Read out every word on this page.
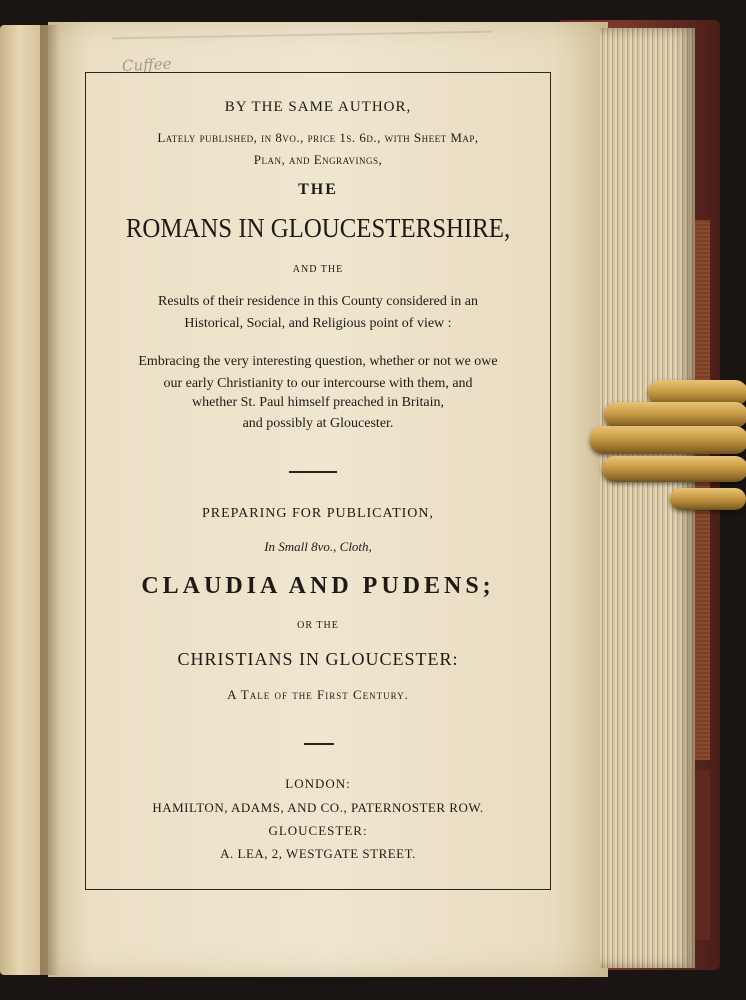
Cuffee
BY THE SAME AUTHOR,
Lately published, in 8vo., price 1s. 6d., with Sheet Map,
Plan, and Engravings,
THE
ROMANS IN GLOUCESTERSHIRE,
AND THE
Results of their residence in this County considered in an
Historical, Social, and Religious point of view :
Embracing the very interesting question, whether or not we owe
our early Christianity to our intercourse with them, and
whether St. Paul himself preached in Britain,
and possibly at Gloucester.
PREPARING FOR PUBLICATION,
In Small 8vo., Cloth,
CLAUDIA AND PUDENS;
OR THE
CHRISTIANS IN GLOUCESTER:
A Tale of the First Century.
LONDON:
HAMILTON, ADAMS, AND CO., PATERNOSTER ROW.
GLOUCESTER:
A. LEA, 2, WESTGATE STREET.
